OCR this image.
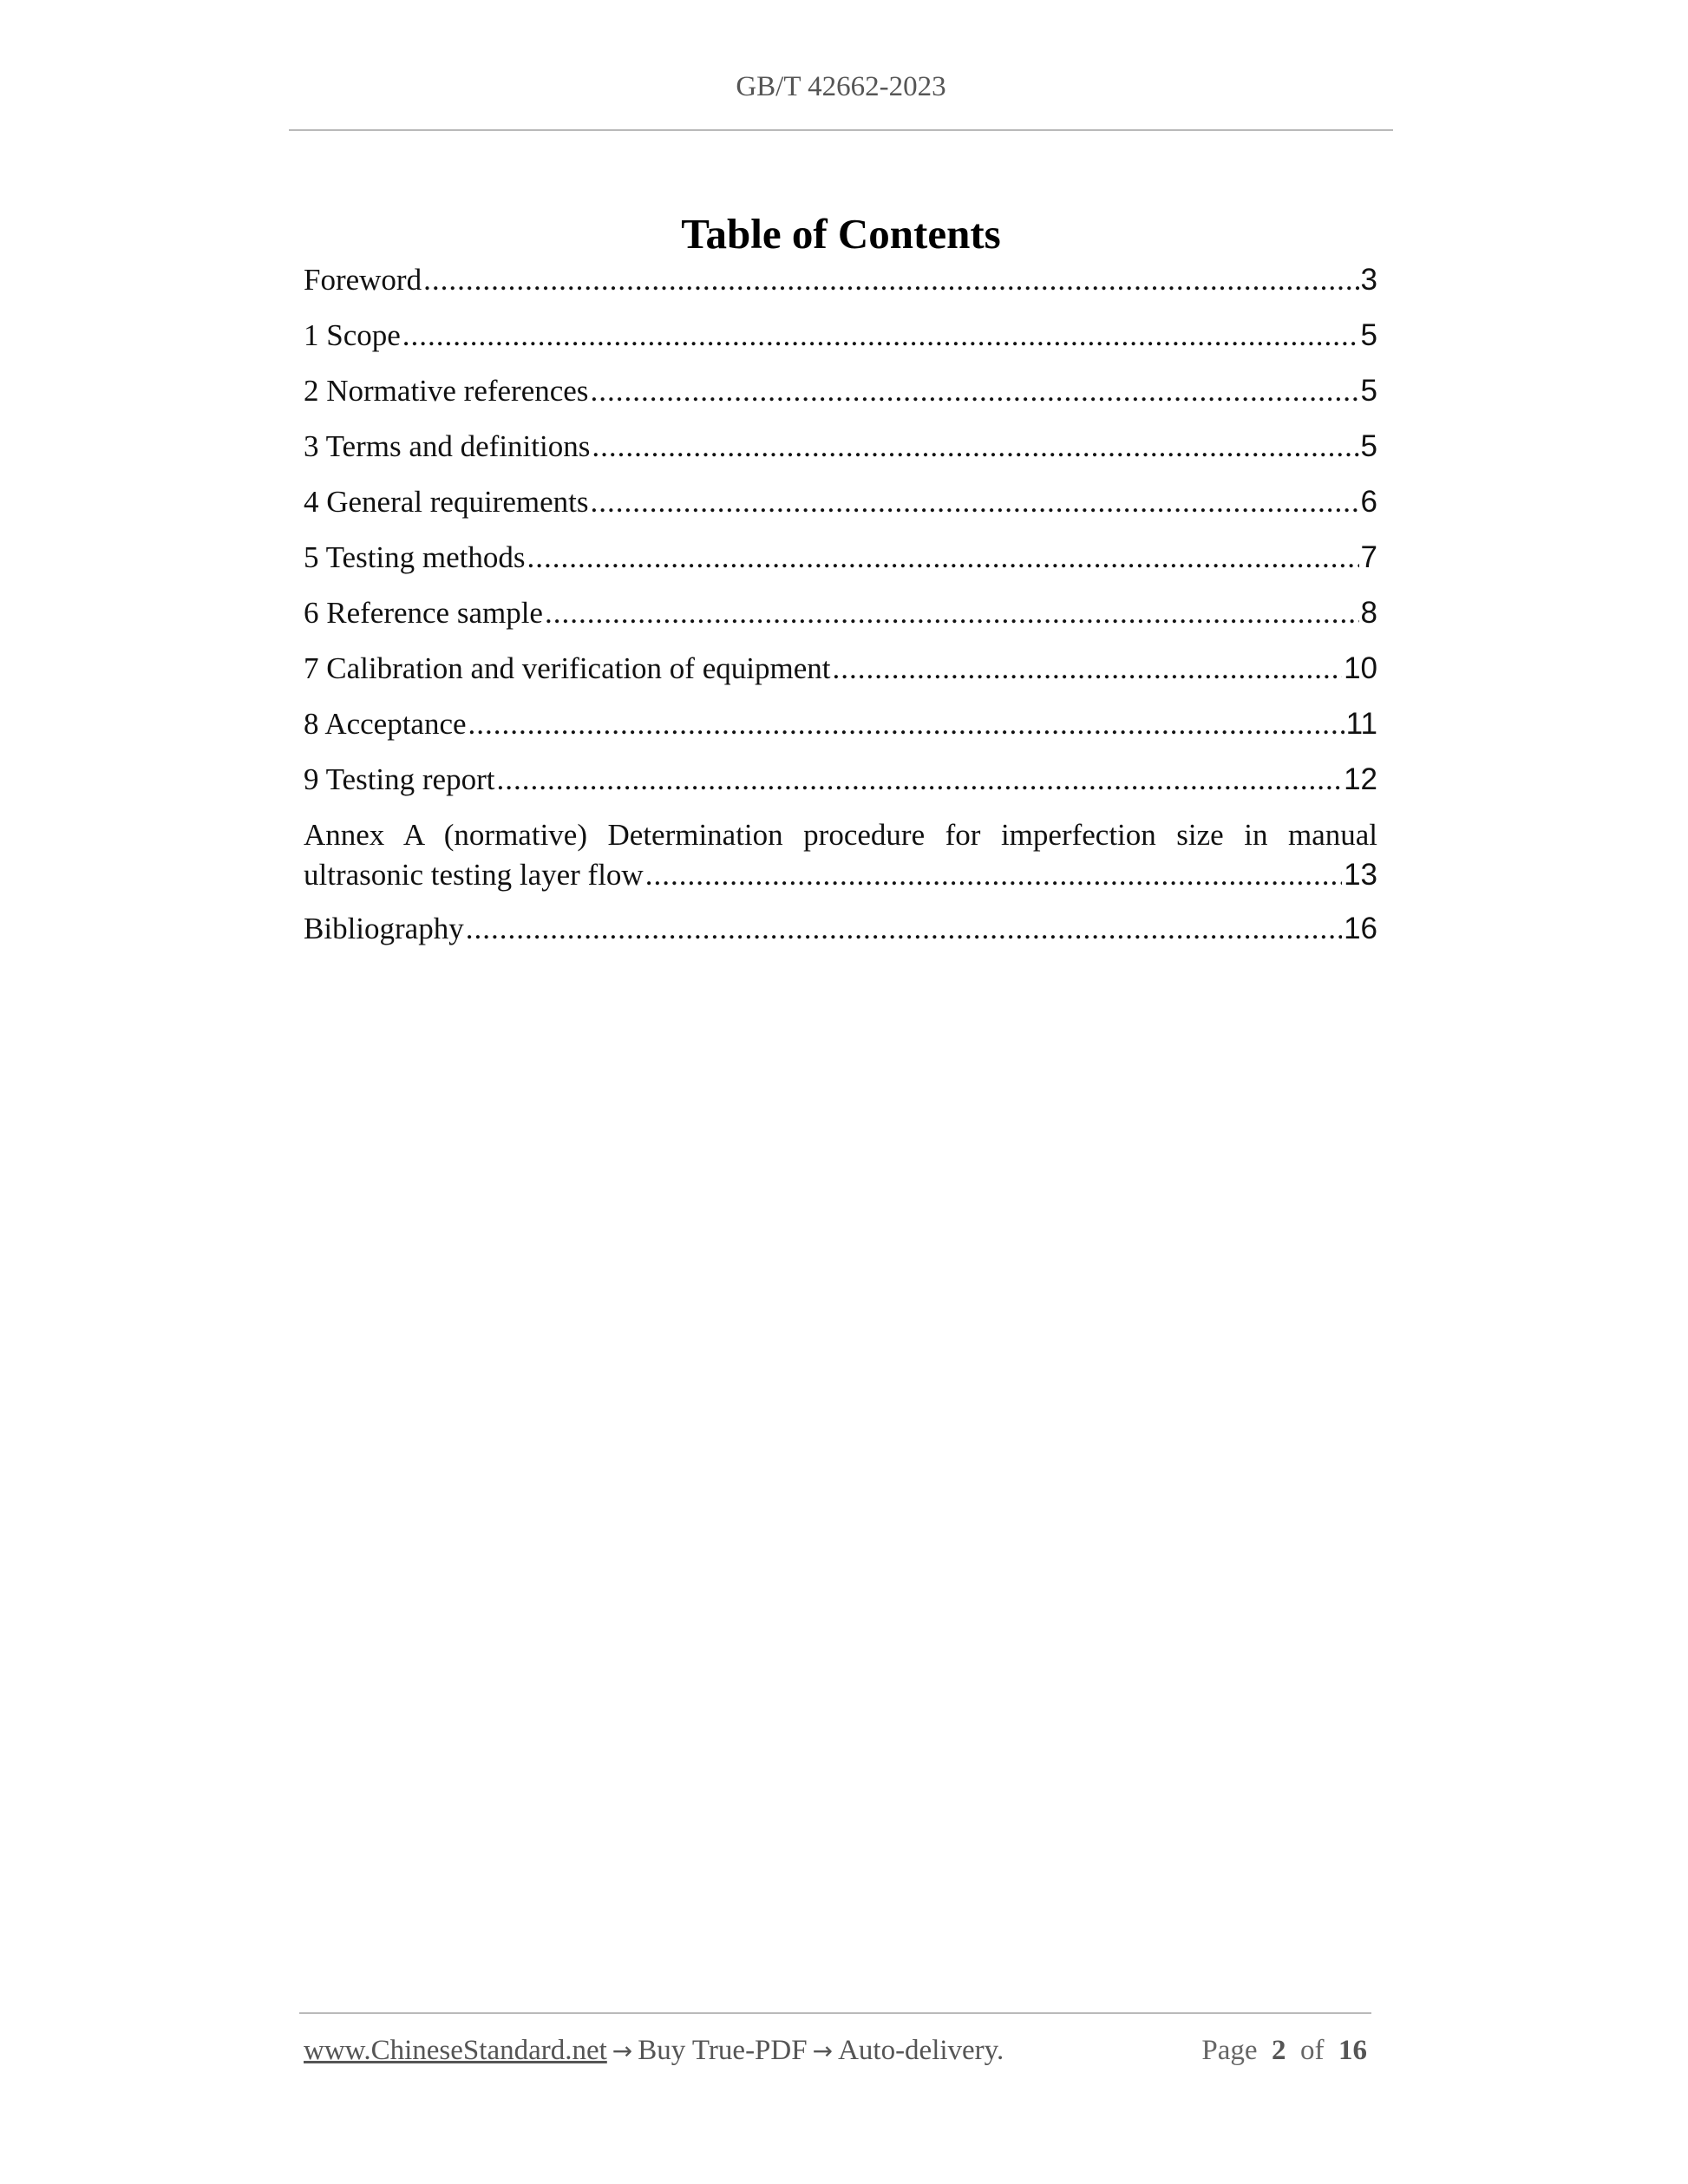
GB/T 42662-2023
Table of Contents
Foreword .....	3
1 Scope .....	5
2 Normative references .....	5
3 Terms and definitions .....	5
4 General requirements .....	6
5 Testing methods .....	7
6 Reference sample .....	8
7 Calibration and verification of equipment .....	10
8 Acceptance .....	11
9 Testing report .....	12
Annex A (normative) Determination procedure for imperfection size in manual
ultrasonic testing layer flow .....	13
Bibliography .....	16
www.ChineseStandard.net → Buy True-PDF → Auto-delivery.	Page 2 of 16
